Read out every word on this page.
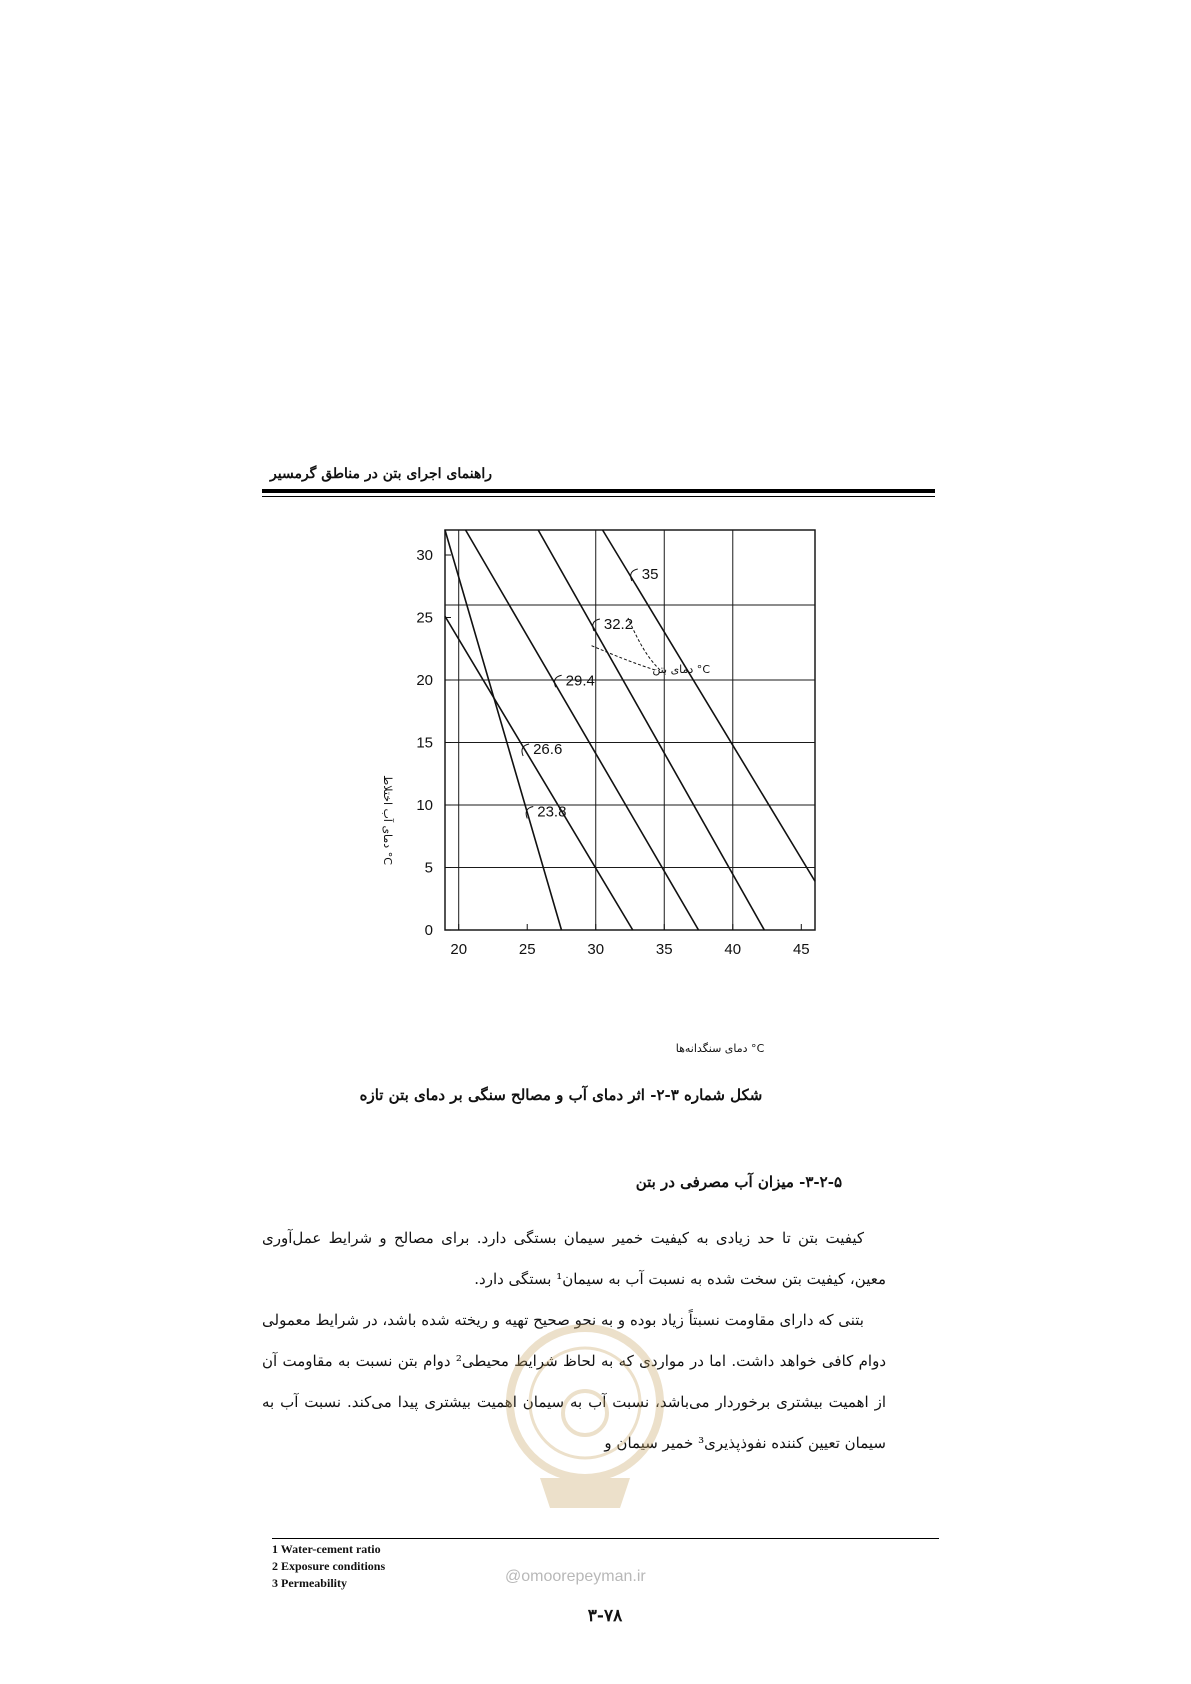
راهنمای اجرای بتن در مناطق گرمسیر
20	25	30	35	40	45
0
5
10
15
20
25
30
23.8
26.6
29.4
32.2
35
C° دمای سنگدانه‌ها
C° دمای آب اختلاط
C° دمای بتن
شکل شماره ۳-۲- اثر دمای آب و مصالح سنگی بر دمای بتن تازه
۳-۲-۵- میزان آب مصرفی در بتن

کیفیت بتن تا حد زیادی به کیفیت خمیر سیمان بستگی دارد. برای مصالح و شرایط عمل‌آوری معین، کیفیت بتن سخت شده به نسبت آب به سیمان¹ بستگی دارد.

بتنی که دارای مقاومت نسبتاً زیاد بوده و به نحو صحیح تهیه و ریخته شده باشد، در شرایط معمولی دوام کافی خواهد داشت. اما در مواردی که به لحاظ شرایط محیطی² دوام بتن نسبت به مقاومت آن از اهمیت بیشتری برخوردار می‌باشد، نسبت آب به سیمان اهمیت بیشتری پیدا می‌کند. نسبت آب به سیمان تعیین کننده نفوذپذیری³ خمیر سیمان و

1 Water-cement ratio
2 Exposure conditions
3 Permeability	@omoorepeyman.ir
۳-۷۸
